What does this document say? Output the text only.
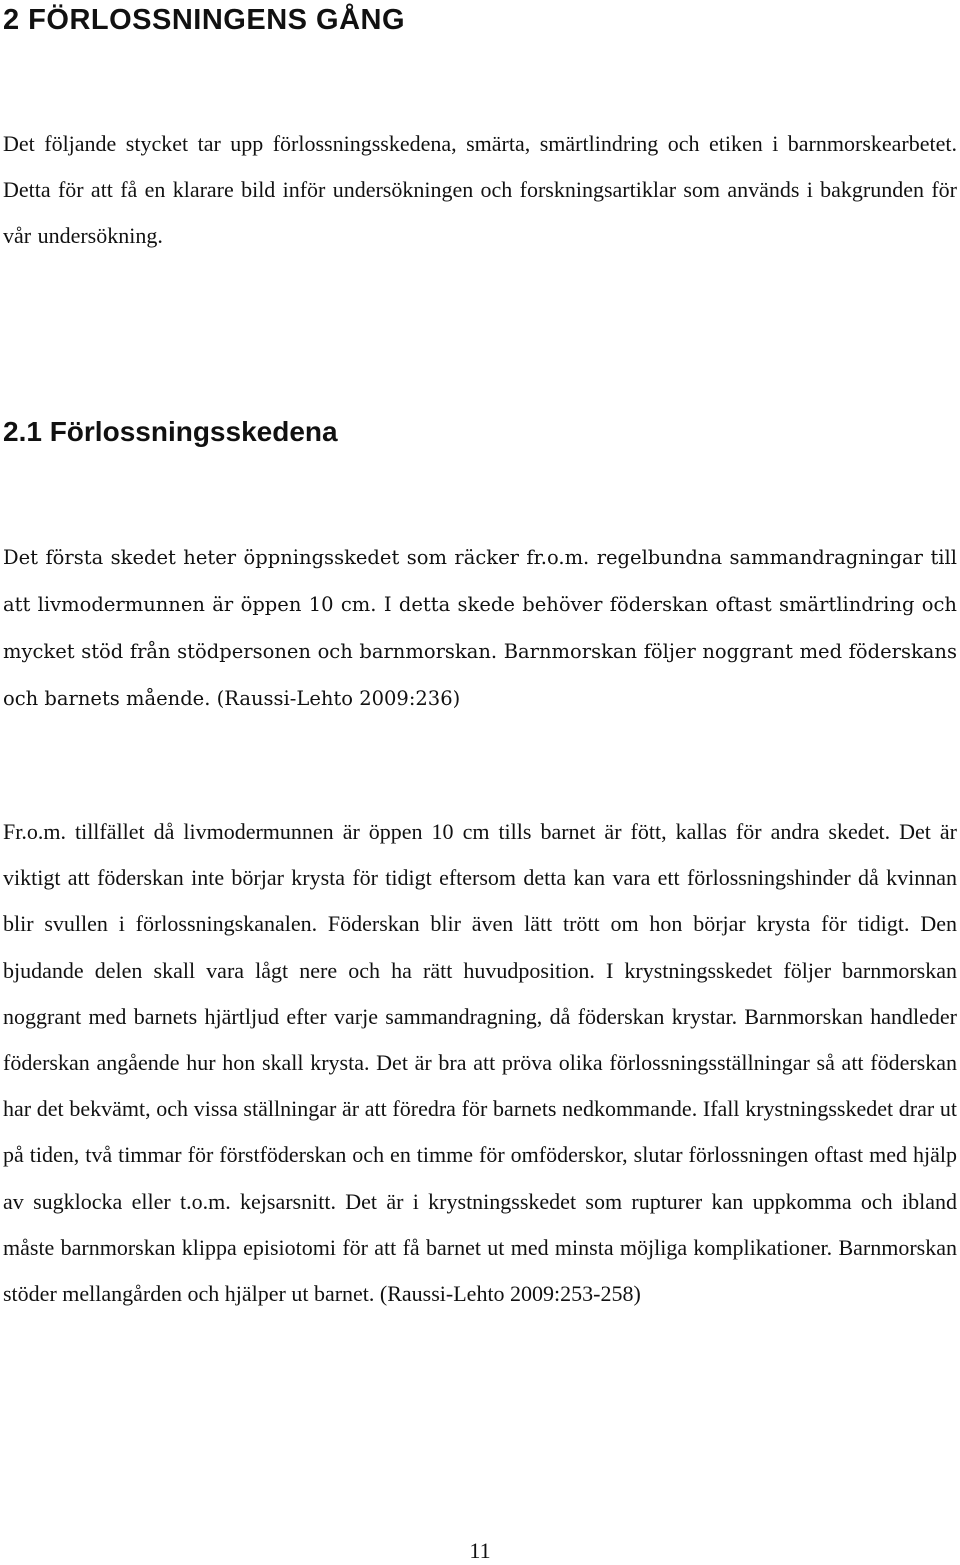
2 FÖRLOSSNINGENS GÅNG

Det följande stycket tar upp förlossningsskedena, smärta, smärtlindring och etiken i barnmorskearbetet. Detta för att få en klarare bild inför undersökningen och forskningsartiklar som används i bakgrunden för vår undersökning.

2.1 Förlossningsskedena

Det första skedet heter öppningsskedet som räcker fr.o.m. regelbundna sammandragningar till att livmodermunnen är öppen 10 cm. I detta skede behöver föderskan oftast smärtlindring och mycket stöd från stödpersonen och barnmorskan. Barnmorskan följer noggrant med föderskans och barnets mående. (Raussi-Lehto 2009:236)

Fr.o.m. tillfället då livmodermunnen är öppen 10 cm tills barnet är fött, kallas för andra skedet. Det är viktigt att föderskan inte börjar krysta för tidigt eftersom detta kan vara ett förlossningshinder då kvinnan blir svullen i förlossningskanalen. Föderskan blir även lätt trött om hon börjar krysta för tidigt. Den bjudande delen skall vara lågt nere och ha rätt huvudposition. I krystningsskedet följer barnmorskan noggrant med barnets hjärtljud efter varje sammandragning, då föderskan krystar. Barnmorskan handleder föderskan angående hur hon skall krysta. Det är bra att pröva olika förlossningsställningar så att föderskan har det bekvämt, och vissa ställningar är att föredra för barnets nedkommande. Ifall krystningsskedet drar ut på tiden, två timmar för förstföderskan och en timme för omföderskor, slutar förlossningen oftast med hjälp av sugklocka eller t.o.m. kejsarsnitt. Det är i krystningsskedet som rupturer kan uppkomma och ibland måste barnmorskan klippa episiotomi för att få barnet ut med minsta möjliga komplikationer. Barnmorskan stöder mellangården och hjälper ut barnet. (Raussi-Lehto 2009:253-258)

11
